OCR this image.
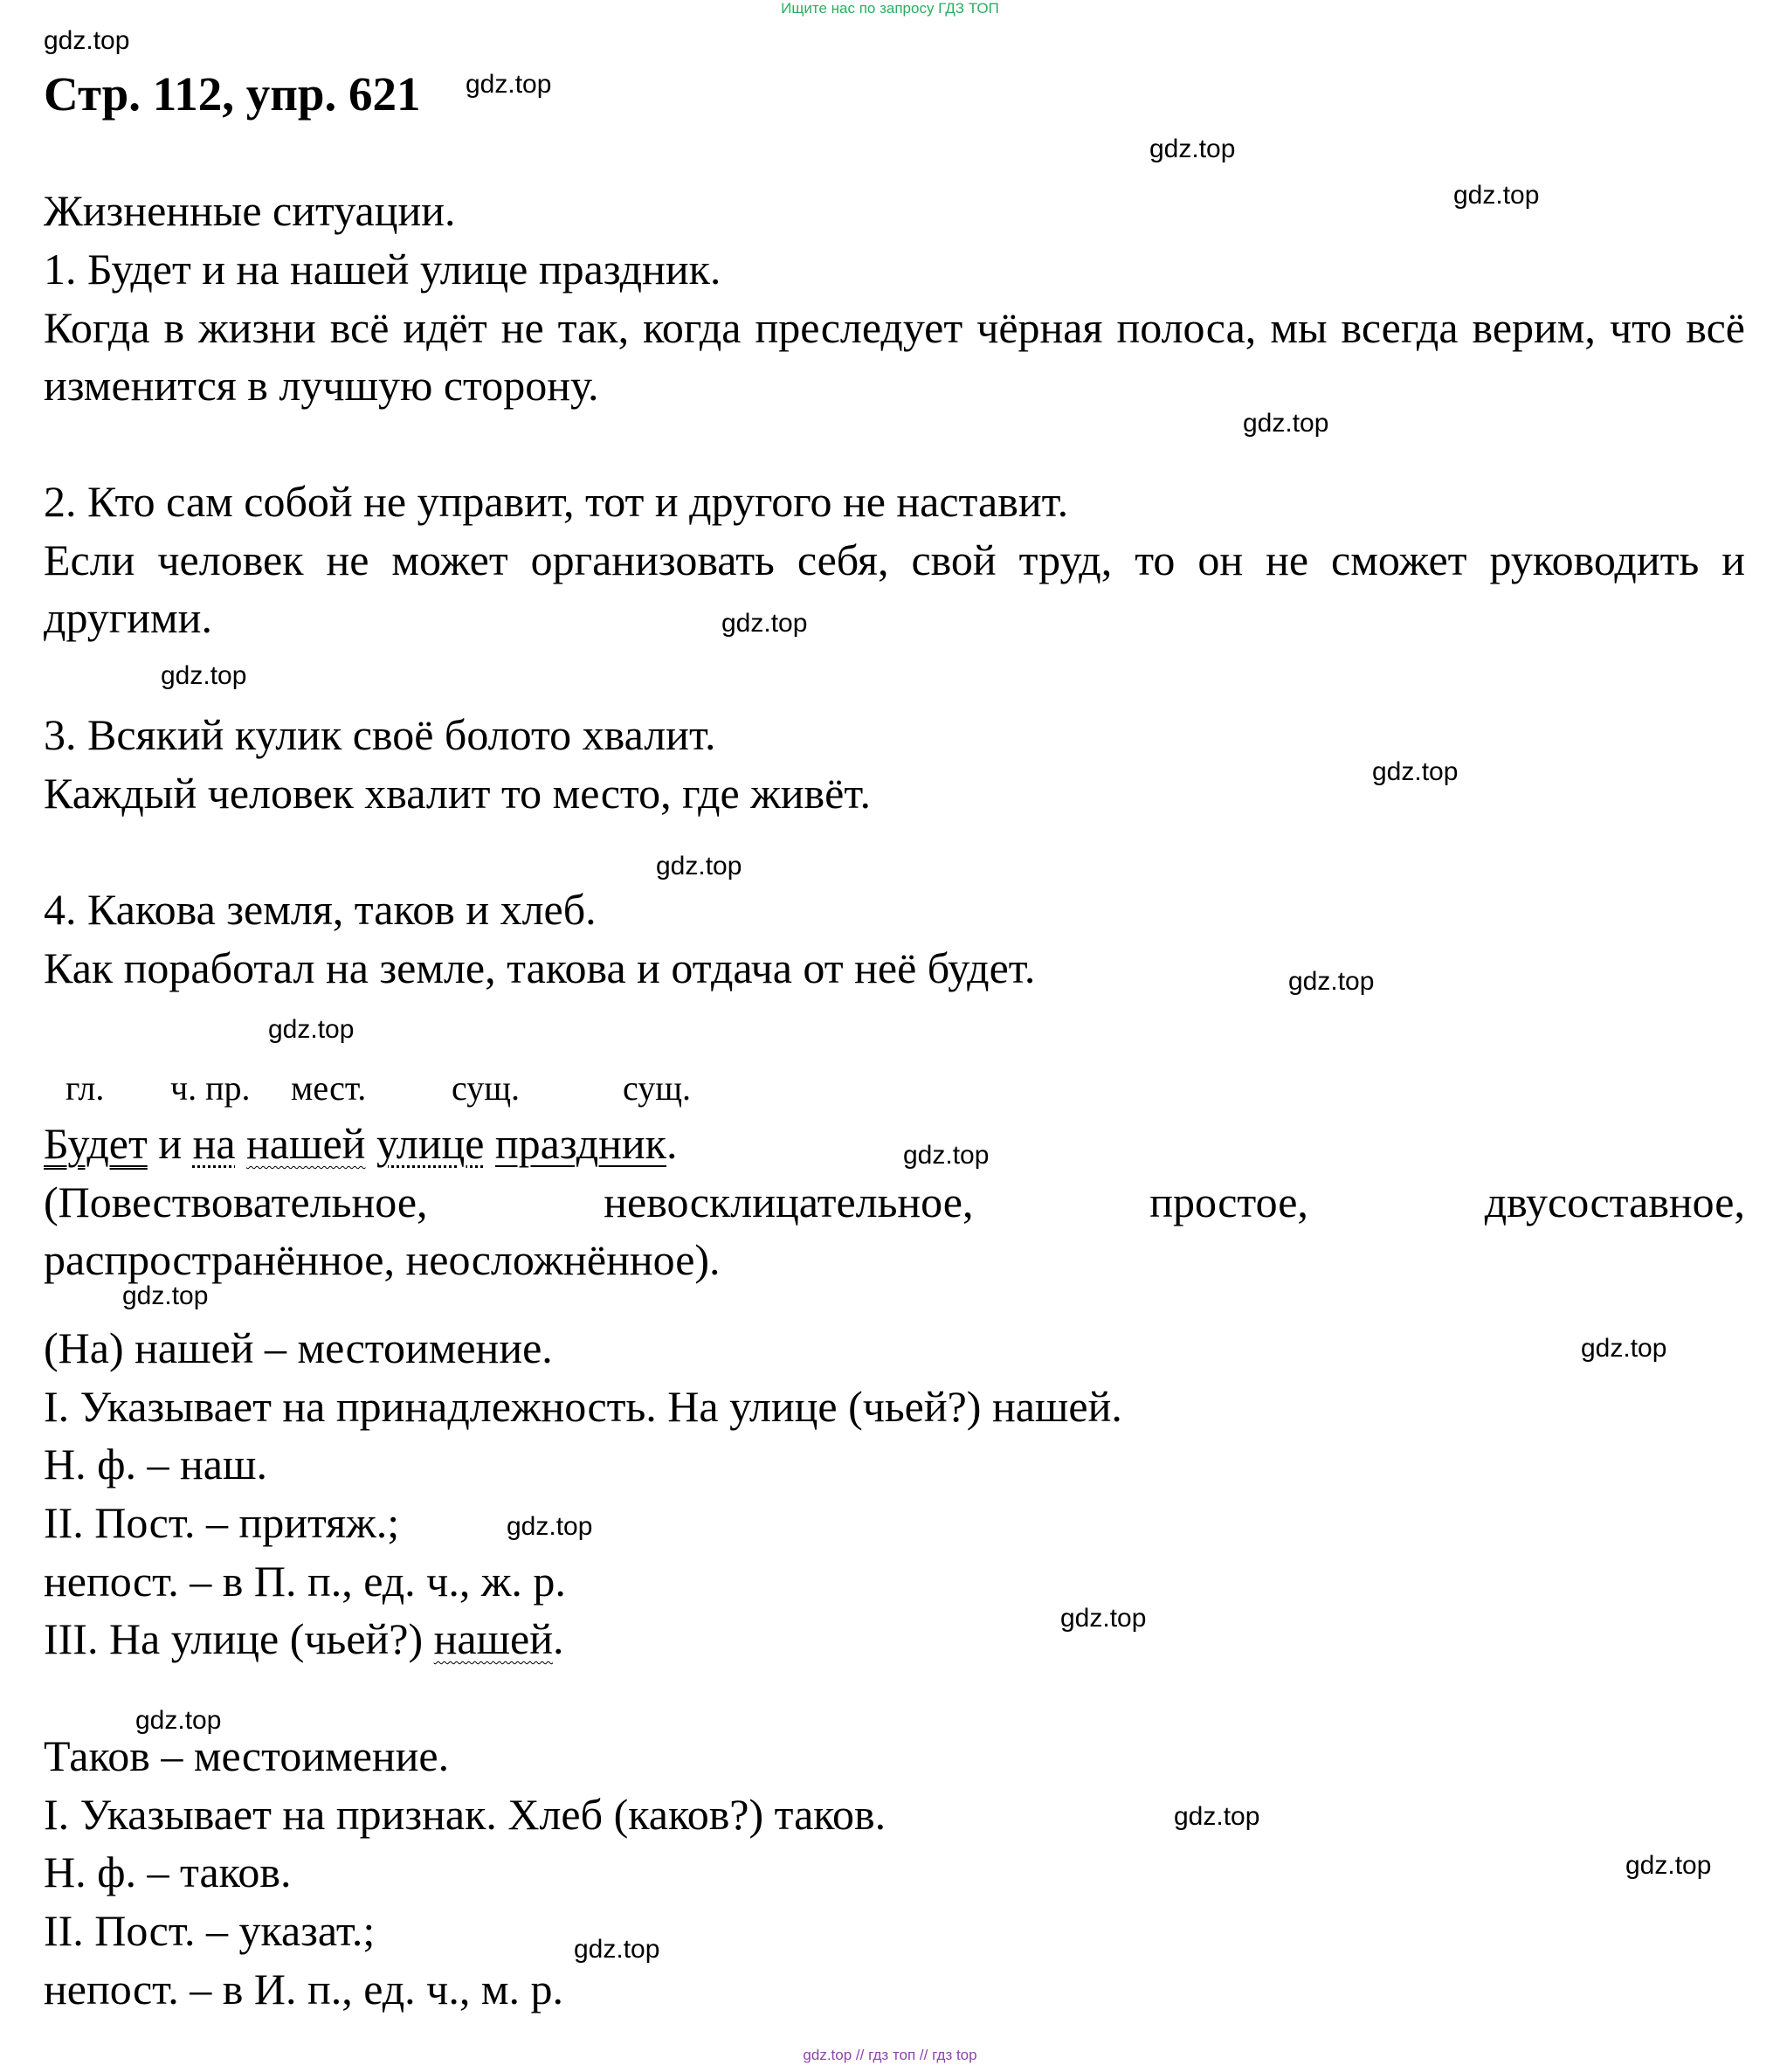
Ищите нас по запросу ГДЗ ТОП
gdz.top
gdz.top
gdz.top
gdz.top
gdz.top
gdz.top
gdz.top
gdz.top
gdz.top
gdz.top
gdz.top
gdz.top
gdz.top
gdz.top
gdz.top
gdz.top
gdz.top
gdz.top
gdz.top
gdz.top
Стр. 112, упр. 621
Жизненные ситуации.
1. Будет и на нашей улице праздник.
Когда в жизни всё идёт не так, когда преследует чёрная полоса, мы всегда верим, что всё изменится в лучшую сторону.
2. Кто сам собой не управит, тот и другого не наставит.
Если человек не может организовать себя, свой труд, то он не сможет руководить и другими.
3. Всякий кулик своё болото хвалит.
Каждый человек хвалит то место, где живёт.
4. Какова земля, таков и хлеб.
Как поработал на земле, такова и отдача от неё будет.
гл. ч. пр. мест. сущ.	сущ.
Будет и на нашей улице праздник.
(Повествовательное, невосклицательное, простое, двусоставное,
распространённое, неосложнённое).
(На) нашей – местоимение.
I. Указывает на принадлежность. На улице (чьей?) нашей.
Н. ф. – наш.
II. Пост. – притяж.;
непост. – в П. п., ед. ч., ж. р.
III. На улице (чьей?) нашей.
Таков – местоимение.
I. Указывает на признак. Хлеб (каков?) таков.
Н. ф. – таков.
II. Пост. – указат.;
непост. – в И. п., ед. ч., м. р.
gdz.top // гдз топ // гдз top
